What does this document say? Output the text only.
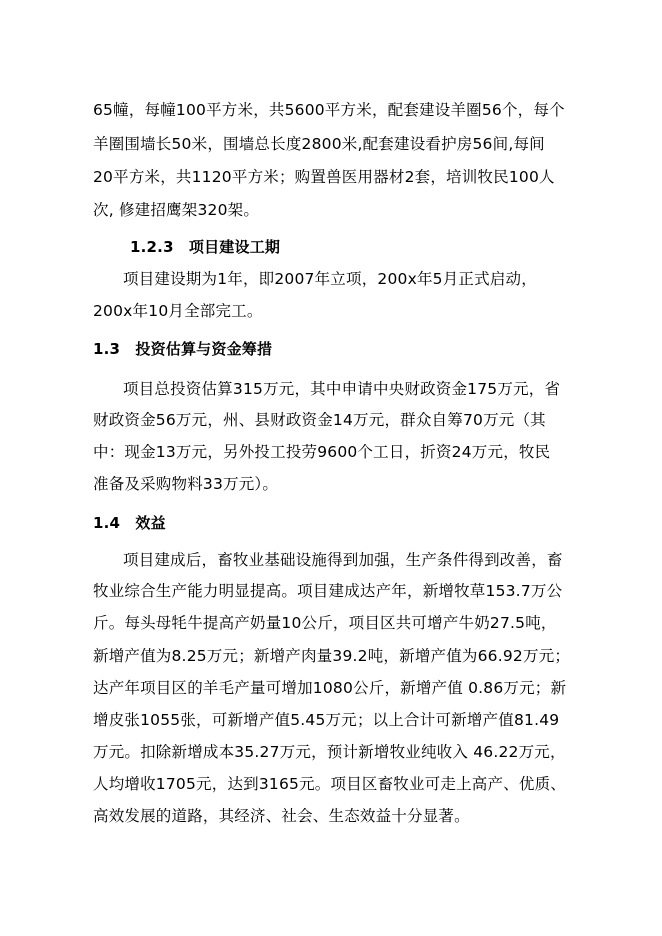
65幢，每幢100平方米，共5600平方米，配套建设羊圈56个，每个
羊圈围墙长50米，围墙总长度2800米,配套建设看护房56间,每间
20平方米，共1120平方米；购置兽医用器材2套，培训牧民100人
次, 修建招鹰架320架。
1.2.3　项目建设工期
项目建设期为1年，即2007年立项，200x年5月正式启动，
200x年10月全部完工。
1.3　投资估算与资金筹措
项目总投资估算315万元，其中申请中央财政资金175万元，省
财政资金56万元，州、县财政资金14万元，群众自筹70万元（其
中：现金13万元，另外投工投劳9600个工日，折资24万元，牧民
准备及采购物料33万元）。
1.4　效益
项目建成后，畜牧业基础设施得到加强，生产条件得到改善，畜
牧业综合生产能力明显提高。项目建成达产年，新增牧草153.7万公
斤。每头母牦牛提高产奶量10公斤，项目区共可增产牛奶27.5吨，
新增产值为8.25万元；新增产肉量39.2吨，新增产值为66.92万元；
达产年项目区的羊毛产量可增加1080公斤，新增产值 0.86万元；新
增皮张1055张，可新增产值5.45万元；以上合计可新增产值81.49
万元。扣除新增成本35.27万元，预计新增牧业纯收入 46.22万元，
人均增收1705元，达到3165元。项目区畜牧业可走上高产、优质、
高效发展的道路，其经济、社会、生态效益十分显著。
